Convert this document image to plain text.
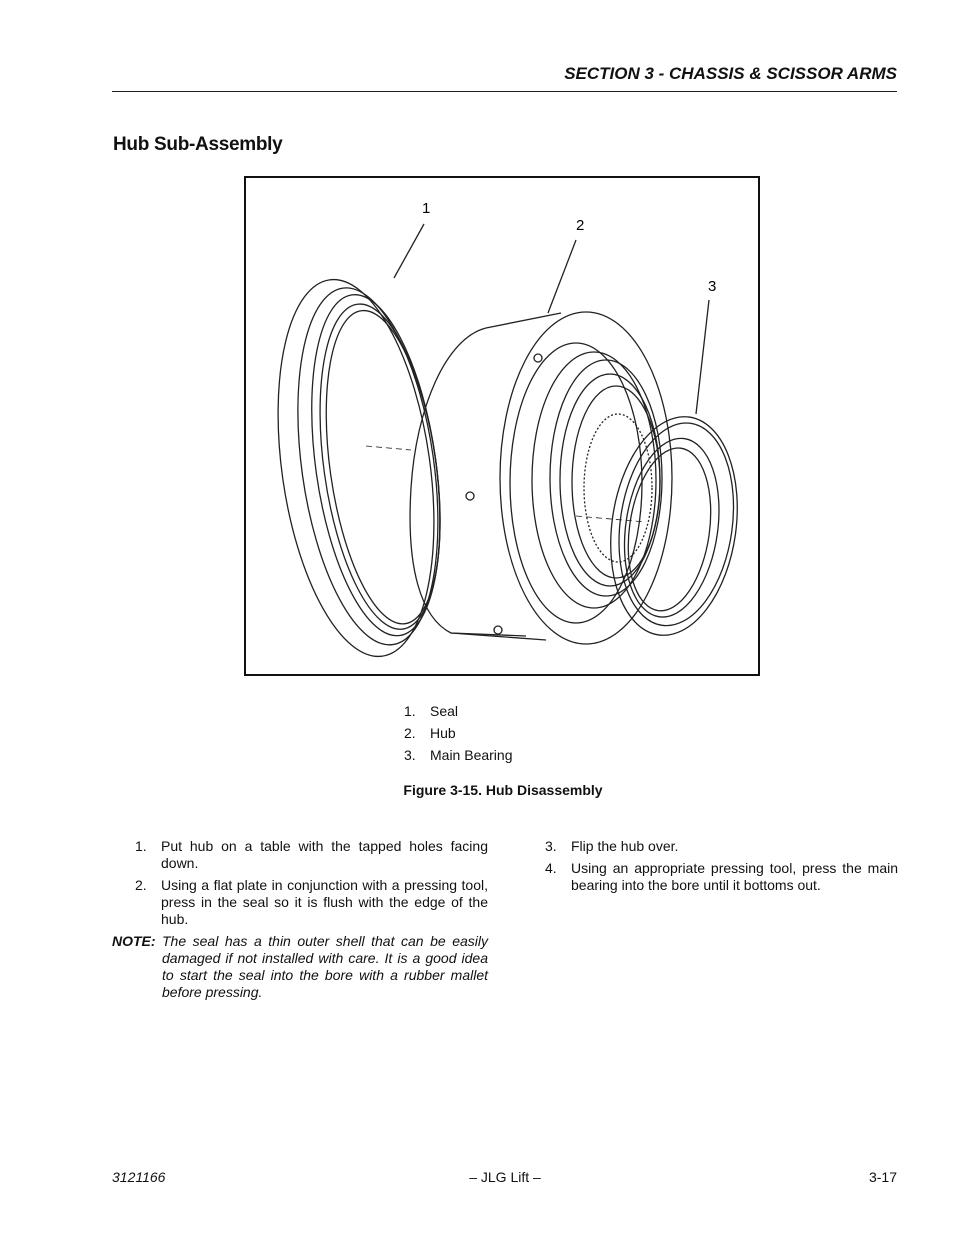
SECTION 3 - CHASSIS & SCISSOR ARMS
Hub Sub-Assembly
1
2
3
1. Seal
2. Hub
3. Main Bearing
Figure 3-15. Hub Disassembly
1. Put hub on a table with the tapped holes facing down.
2. Using a flat plate in conjunction with a pressing tool, press in the seal so it is flush with the edge of the hub.
NOTE: The seal has a thin outer shell that can be easily damaged if not installed with care. It is a good idea to start the seal into the bore with a rubber mallet before pressing.
3. Flip the hub over.
4. Using an appropriate pressing tool, press the main bearing into the bore until it bottoms out.
3121166	– JLG Lift –	3-17
